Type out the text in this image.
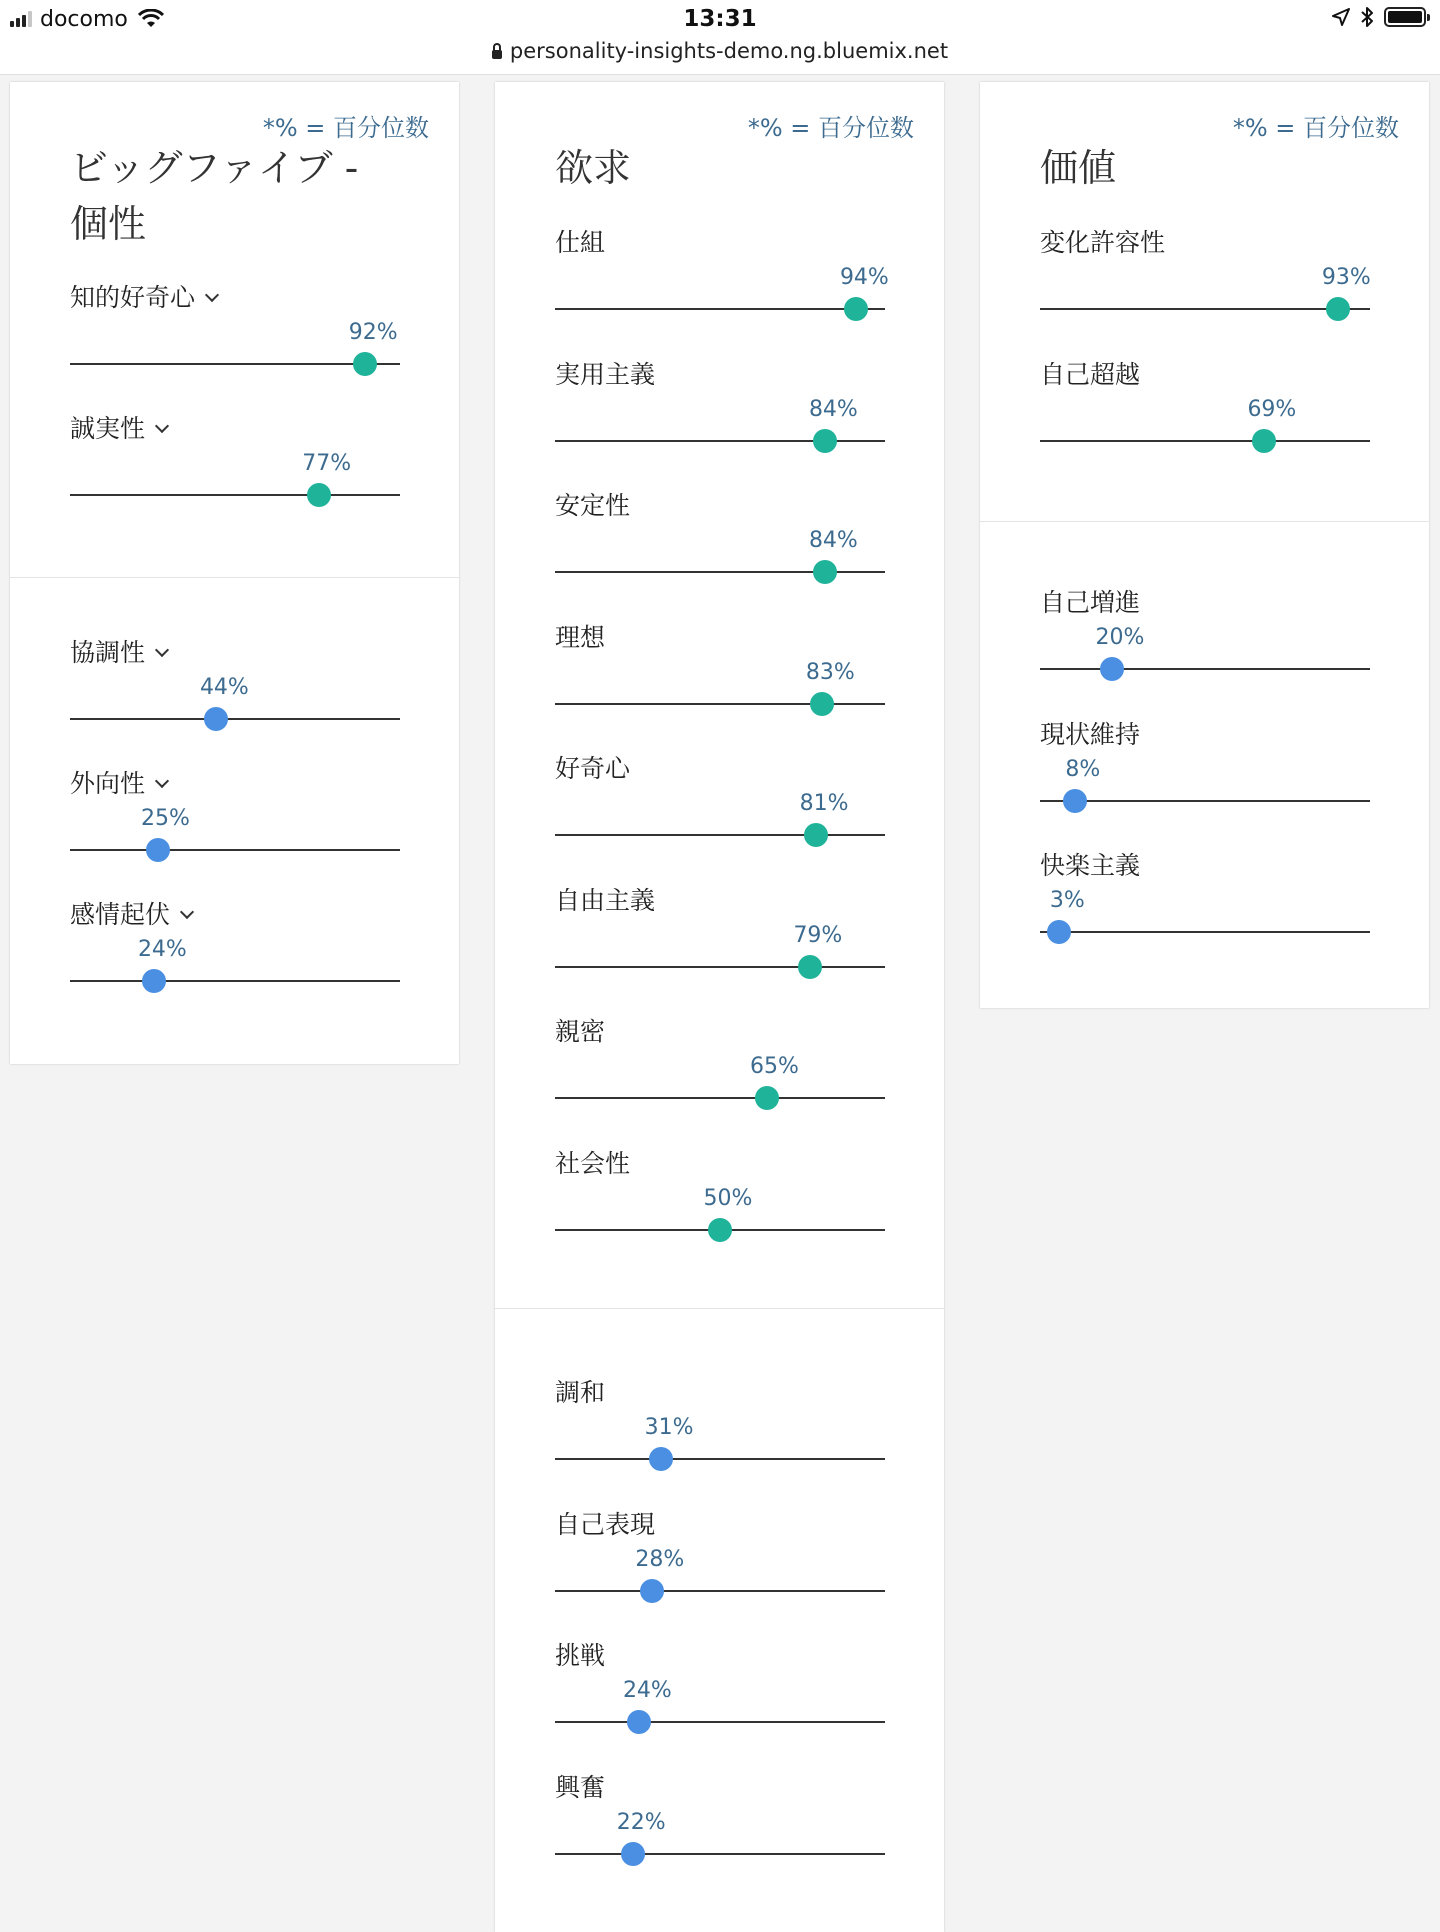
docomo	13:31
personality-insights-demo.ng.bluemix.net
*% = 百分位数
ビッグファイブ - 個性
知的好奇心
92%
誠実性
77%
協調性
44%
外向性
25%
感情起伏
24%
*% = 百分位数
欲求
仕組
94%
実用主義
84%
安定性
84%
理想
83%
好奇心
81%
自由主義
79%
親密
65%
社会性
50%
調和
31%
自己表現
28%
挑戦
24%
興奮
22%
*% = 百分位数
価値
変化許容性
93%
自己超越
69%
自己増進
20%
現状維持
8%
快楽主義
3%
